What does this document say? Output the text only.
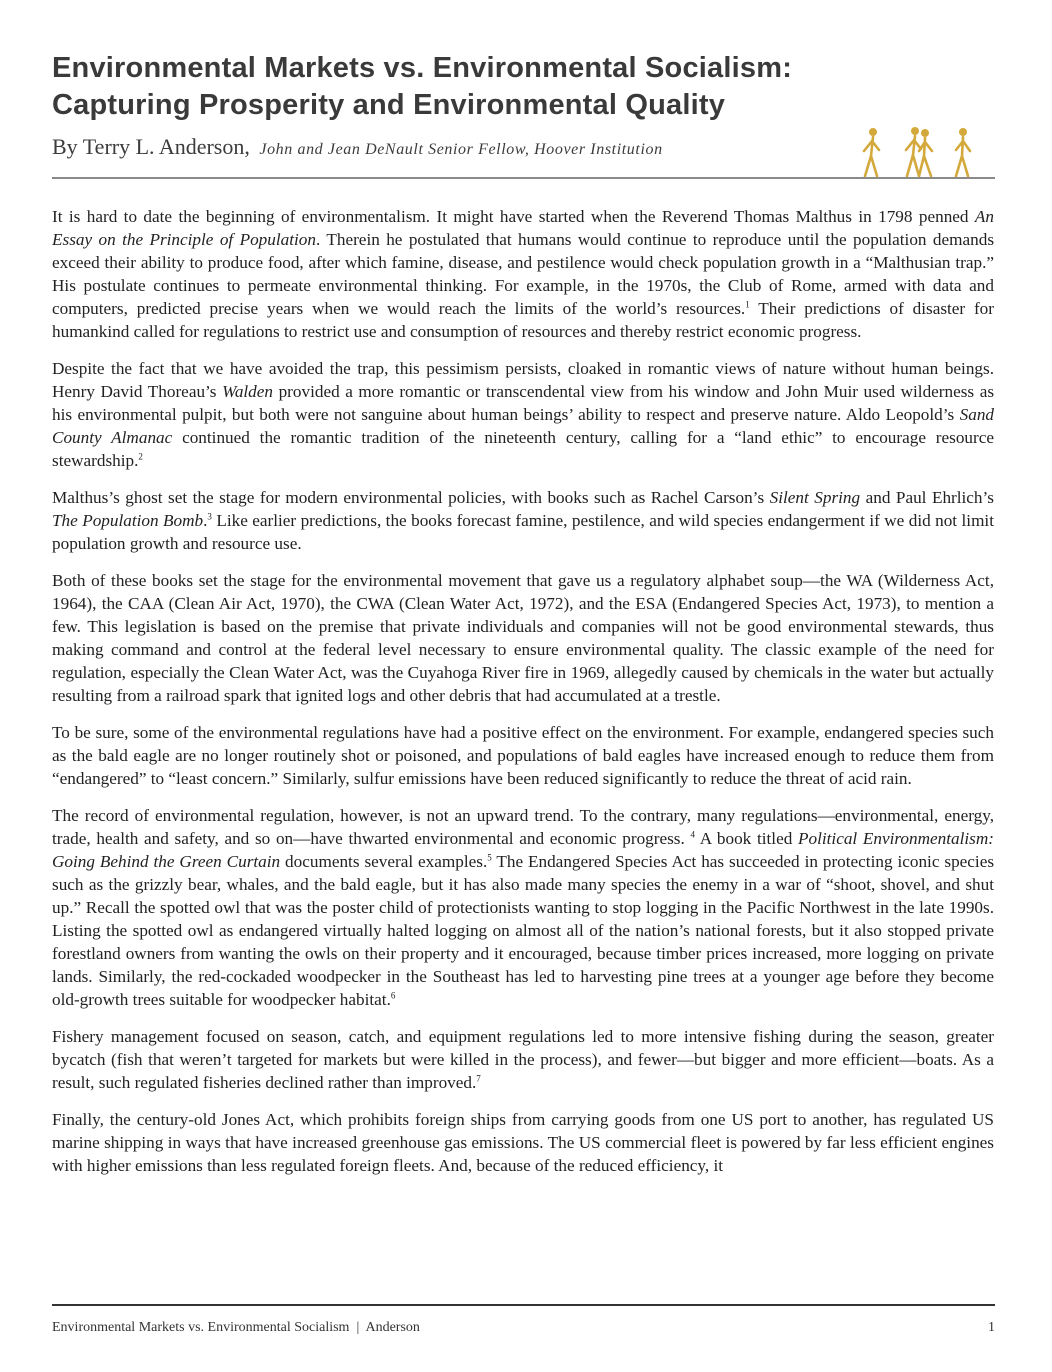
Environmental Markets vs. Environmental Socialism:
Capturing Prosperity and Environmental Quality
By Terry L. Anderson, John and Jean DeNault Senior Fellow, Hoover Institution

It is hard to date the beginning of environmentalism. It might have started when the Reverend Thomas Malthus in 1798 penned An Essay on the Principle of Population. Therein he postulated that humans would continue to reproduce until the population demands exceed their ability to produce food, after which famine, disease, and pestilence would check population growth in a “Malthusian trap.” His postulate continues to permeate environmental thinking. For example, in the 1970s, the Club of Rome, armed with data and computers, predicted precise years when we would reach the limits of the world’s resources.$^1$ Their predictions of disaster for humankind called for regulations to restrict use and consumption of resources and thereby restrict economic progress.

Despite the fact that we have avoided the trap, this pessimism persists, cloaked in romantic views of nature without human beings. Henry David Thoreau’s Walden provided a more romantic or transcendental view from his window and John Muir used wilderness as his environmental pulpit, but both were not sanguine about human beings’ ability to respect and preserve nature. Aldo Leopold’s Sand County Almanac continued the romantic tradition of the nineteenth century, calling for a “land ethic” to encourage resource stewardship.$^2$

Malthus’s ghost set the stage for modern environmental policies, with books such as Rachel Carson’s Silent Spring and Paul Ehrlich’s The Population Bomb.$^3$ Like earlier predictions, the books forecast famine, pestilence, and wild species endangerment if we did not limit population growth and resource use.

Both of these books set the stage for the environmental movement that gave us a regulatory alphabet soup—the WA (Wilderness Act, 1964), the CAA (Clean Air Act, 1970), the CWA (Clean Water Act, 1972), and the ESA (Endangered Species Act, 1973), to mention a few. This legislation is based on the premise that private individuals and companies will not be good environmental stewards, thus making command and control at the federal level necessary to ensure environmental quality. The classic example of the need for regulation, especially the Clean Water Act, was the Cuyahoga River fire in 1969, allegedly caused by chemicals in the water but actually resulting from a railroad spark that ignited logs and other debris that had accumulated at a trestle.

To be sure, some of the environmental regulations have had a positive effect on the environment. For example, endangered species such as the bald eagle are no longer routinely shot or poisoned, and populations of bald eagles have increased enough to reduce them from “endangered” to “least concern.” Similarly, sulfur emissions have been reduced significantly to reduce the threat of acid rain.

The record of environmental regulation, however, is not an upward trend. To the contrary, many regulations—environmental, energy, trade, health and safety, and so on—have thwarted environmental and economic progress. $^4$ A book titled Political Environmentalism: Going Behind the Green Curtain documents several examples.$^5$ The Endangered Species Act has succeeded in protecting iconic species such as the grizzly bear, whales, and the bald eagle, but it has also made many species the enemy in a war of “shoot, shovel, and shut up.” Recall the spotted owl that was the poster child of protectionists wanting to stop logging in the Pacific Northwest in the late 1990s. Listing the spotted owl as endangered virtually halted logging on almost all of the nation’s national forests, but it also stopped private forestland owners from wanting the owls on their property and it encouraged, because timber prices increased, more logging on private lands. Similarly, the red-cockaded woodpecker in the Southeast has led to harvesting pine trees at a younger age before they become old-growth trees suitable for woodpecker habitat.$^6$

Fishery management focused on season, catch, and equipment regulations led to more intensive fishing during the season, greater bycatch (fish that weren’t targeted for markets but were killed in the process), and fewer—but bigger and more efficient—boats. As a result, such regulated fisheries declined rather than improved.$^7$

Finally, the century-old Jones Act, which prohibits foreign ships from carrying goods from one US port to another, has regulated US marine shipping in ways that have increased greenhouse gas emissions. The US commercial fleet is powered by far less efficient engines with higher emissions than less regulated foreign fleets. And, because of the reduced efficiency, it

Environmental Markets vs. Environmental Socialism  |  Anderson	1
